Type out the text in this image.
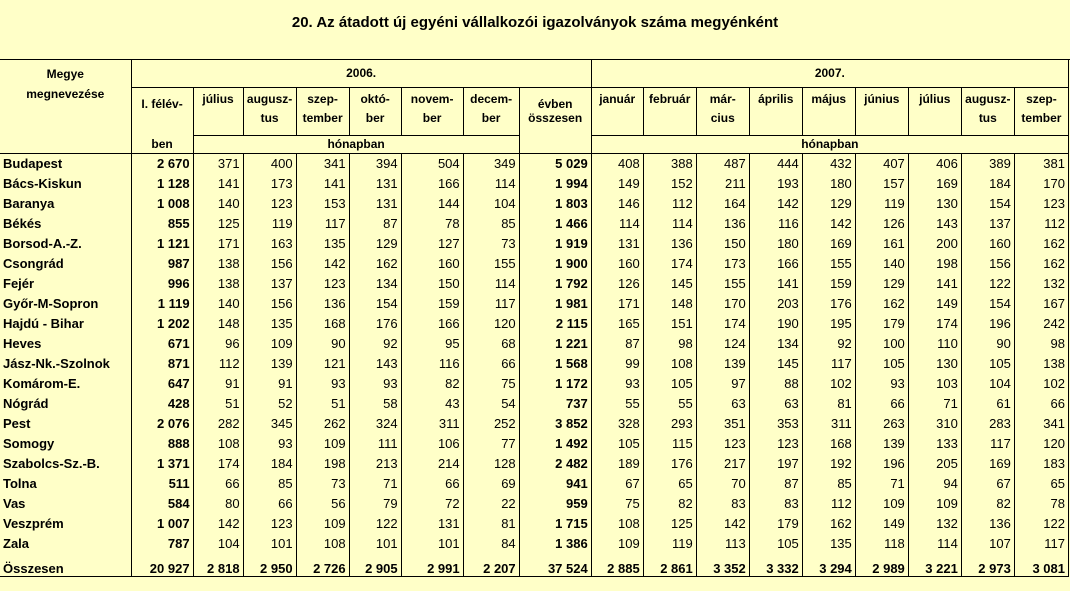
20. Az átadott új egyéni vállalkozói igazolványok száma megyénként
Megye	2006.								2007.								
megnevezése	I. félév-	július	augusz-	szep-	októ-	novem-	decem-	évben	január	február	már-	április	május	június	július	augusz-	szep-
			tus	tember	ber	ber	ber	összesen			cius					tus	tember
	ben	hónapban							hónapban								
Budapest	2 670	371	400	341	394	504	349	5 029	408	388	487	444	432	407	406	389	381
Bács-Kiskun	1 128	141	173	141	131	166	114	1 994	149	152	211	193	180	157	169	184	170
Baranya	1 008	140	123	153	131	144	104	1 803	146	112	164	142	129	119	130	154	123
Békés	855	125	119	117	87	78	85	1 466	114	114	136	116	142	126	143	137	112
Borsod-A.-Z.	1 121	171	163	135	129	127	73	1 919	131	136	150	180	169	161	200	160	162
Csongrád	987	138	156	142	162	160	155	1 900	160	174	173	166	155	140	198	156	162
Fejér	996	138	137	123	134	150	114	1 792	126	145	155	141	159	129	141	122	132
Győr-M-Sopron	1 119	140	156	136	154	159	117	1 981	171	148	170	203	176	162	149	154	167
Hajdú - Bihar	1 202	148	135	168	176	166	120	2 115	165	151	174	190	195	179	174	196	242
Heves	671	96	109	90	92	95	68	1 221	87	98	124	134	92	100	110	90	98
Jász-Nk.-Szolnok	871	112	139	121	143	116	66	1 568	99	108	139	145	117	105	130	105	138
Komárom-E.	647	91	91	93	93	82	75	1 172	93	105	97	88	102	93	103	104	102
Nógrád	428	51	52	51	58	43	54	737	55	55	63	63	81	66	71	61	66
Pest	2 076	282	345	262	324	311	252	3 852	328	293	351	353	311	263	310	283	341
Somogy	888	108	93	109	111	106	77	1 492	105	115	123	123	168	139	133	117	120
Szabolcs-Sz.-B.	1 371	174	184	198	213	214	128	2 482	189	176	217	197	192	196	205	169	183
Tolna	511	66	85	73	71	66	69	941	67	65	70	87	85	71	94	67	65
Vas	584	80	66	56	79	72	22	959	75	82	83	83	112	109	109	82	78
Veszprém	1 007	142	123	109	122	131	81	1 715	108	125	142	179	162	149	132	136	122
Zala	787	104	101	108	101	101	84	1 386	109	119	113	105	135	118	114	107	117
Összesen	20 927	2 818	2 950	2 726	2 905	2 991	2 207	37 524	2 885	2 861	3 352	3 332	3 294	2 989	3 221	2 973	3 081
